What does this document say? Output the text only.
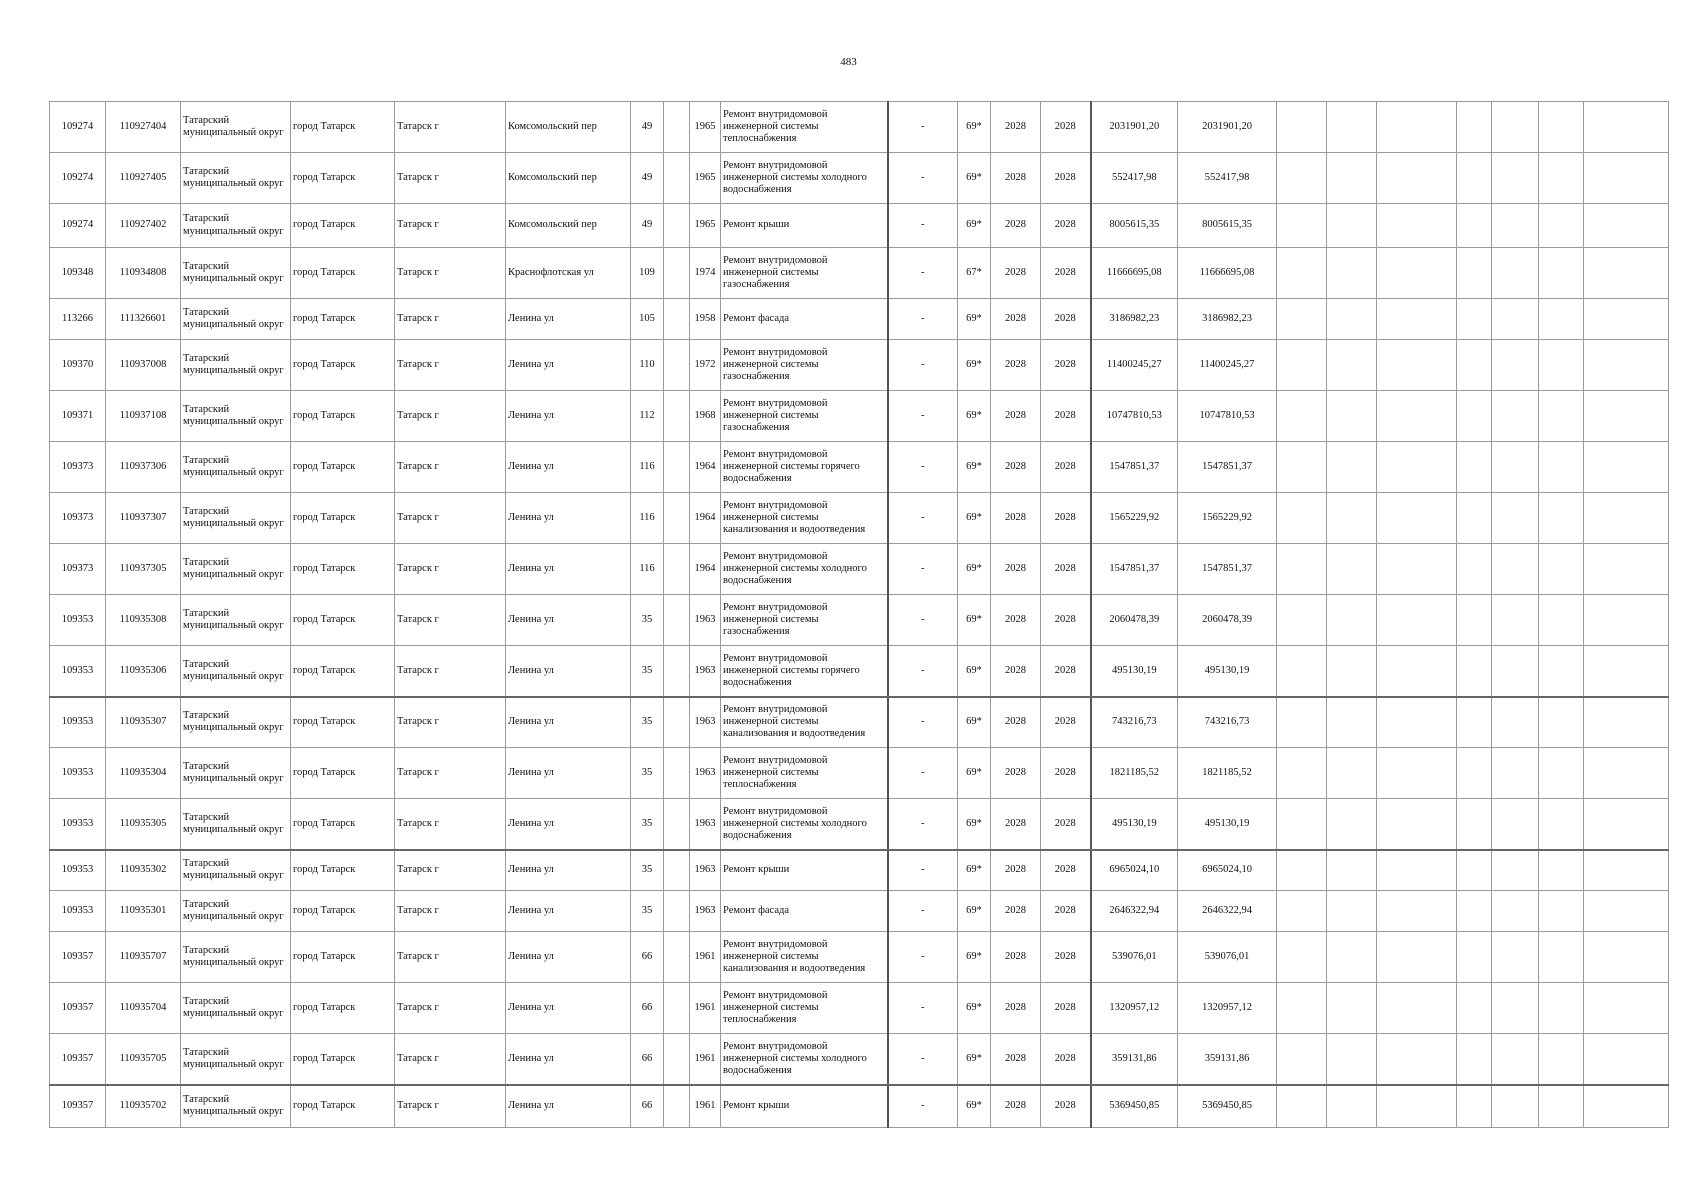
483
109274	110927404	Татарский муниципальный округ	город Татарск	Татарск г	Комсомольский пер	49		1965	Ремонт внутридомовой инженерной системы теплоснабжения	-	69*	2028	2028	2031901,20	2031901,20							
109274	110927405	Татарский муниципальный округ	город Татарск	Татарск г	Комсомольский пер	49		1965	Ремонт внутридомовой инженерной системы холодного водоснабжения	-	69*	2028	2028	552417,98	552417,98							
109274	110927402	Татарский муниципальный округ	город Татарск	Татарск г	Комсомольский пер	49		1965	Ремонт крыши	-	69*	2028	2028	8005615,35	8005615,35							
109348	110934808	Татарский муниципальный округ	город Татарск	Татарск г	Краснофлотская ул	109		1974	Ремонт внутридомовой инженерной системы газоснабжения	-	67*	2028	2028	11666695,08	11666695,08							
113266	111326601	Татарский муниципальный округ	город Татарск	Татарск г	Ленина ул	105		1958	Ремонт фасада	-	69*	2028	2028	3186982,23	3186982,23							
109370	110937008	Татарский муниципальный округ	город Татарск	Татарск г	Ленина ул	110		1972	Ремонт внутридомовой инженерной системы газоснабжения	-	69*	2028	2028	11400245,27	11400245,27							
109371	110937108	Татарский муниципальный округ	город Татарск	Татарск г	Ленина ул	112		1968	Ремонт внутридомовой инженерной системы газоснабжения	-	69*	2028	2028	10747810,53	10747810,53							
109373	110937306	Татарский муниципальный округ	город Татарск	Татарск г	Ленина ул	116		1964	Ремонт внутридомовой инженерной системы горячего водоснабжения	-	69*	2028	2028	1547851,37	1547851,37							
109373	110937307	Татарский муниципальный округ	город Татарск	Татарск г	Ленина ул	116		1964	Ремонт внутридомовой инженерной системы канализования и водоотведения	-	69*	2028	2028	1565229,92	1565229,92							
109373	110937305	Татарский муниципальный округ	город Татарск	Татарск г	Ленина ул	116		1964	Ремонт внутридомовой инженерной системы холодного водоснабжения	-	69*	2028	2028	1547851,37	1547851,37							
109353	110935308	Татарский муниципальный округ	город Татарск	Татарск г	Ленина ул	35		1963	Ремонт внутридомовой инженерной системы газоснабжения	-	69*	2028	2028	2060478,39	2060478,39							
109353	110935306	Татарский муниципальный округ	город Татарск	Татарск г	Ленина ул	35		1963	Ремонт внутридомовой инженерной системы горячего водоснабжения	-	69*	2028	2028	495130,19	495130,19							
109353	110935307	Татарский муниципальный округ	город Татарск	Татарск г	Ленина ул	35		1963	Ремонт внутридомовой инженерной системы канализования и водоотведения	-	69*	2028	2028	743216,73	743216,73							
109353	110935304	Татарский муниципальный округ	город Татарск	Татарск г	Ленина ул	35		1963	Ремонт внутридомовой инженерной системы теплоснабжения	-	69*	2028	2028	1821185,52	1821185,52							
109353	110935305	Татарский муниципальный округ	город Татарск	Татарск г	Ленина ул	35		1963	Ремонт внутридомовой инженерной системы холодного водоснабжения	-	69*	2028	2028	495130,19	495130,19							
109353	110935302	Татарский муниципальный округ	город Татарск	Татарск г	Ленина ул	35		1963	Ремонт крыши	-	69*	2028	2028	6965024,10	6965024,10							
109353	110935301	Татарский муниципальный округ	город Татарск	Татарск г	Ленина ул	35		1963	Ремонт фасада	-	69*	2028	2028	2646322,94	2646322,94							
109357	110935707	Татарский муниципальный округ	город Татарск	Татарск г	Ленина ул	66		1961	Ремонт внутридомовой инженерной системы канализования и водоотведения	-	69*	2028	2028	539076,01	539076,01							
109357	110935704	Татарский муниципальный округ	город Татарск	Татарск г	Ленина ул	66		1961	Ремонт внутридомовой инженерной системы теплоснабжения	-	69*	2028	2028	1320957,12	1320957,12							
109357	110935705	Татарский муниципальный округ	город Татарск	Татарск г	Ленина ул	66		1961	Ремонт внутридомовой инженерной системы холодного водоснабжения	-	69*	2028	2028	359131,86	359131,86							
109357	110935702	Татарский муниципальный округ	город Татарск	Татарск г	Ленина ул	66		1961	Ремонт крыши	-	69*	2028	2028	5369450,85	5369450,85							
